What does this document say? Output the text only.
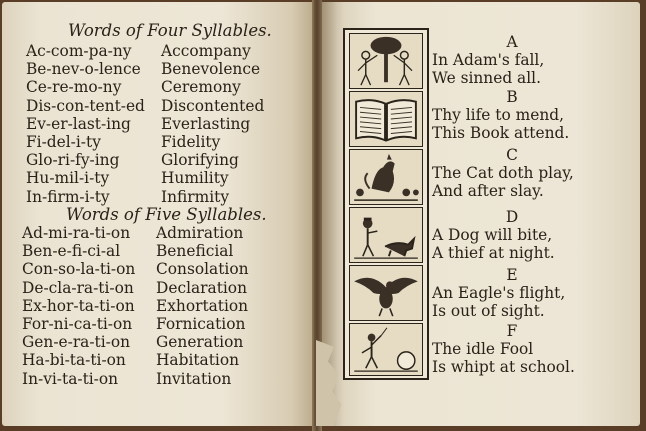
Words of Four Syllables.
Ac-com-pa-ny
Be-nev-o-lence
Ce-re-mo-ny
Dis-con-tent-ed
Ev-er-last-ing
Fi-del-i-ty
Glo-ri-fy-ing
Hu-mil-i-ty
In-firm-i-ty
Accompany
Benevolence
Ceremony
Discontented
Everlasting
Fidelity
Glorifying
Humility
Infirmity
Words of Five Syllables.
Ad-mi-ra-ti-on
Ben-e-fi-ci-al
Con-so-la-ti-on
De-cla-ra-ti-on
Ex-hor-ta-ti-on
For-ni-ca-ti-on
Gen-e-ra-ti-on
Ha-bi-ta-ti-on
In-vi-ta-ti-on
Admiration
Beneficial
Consolation
Declaration
Exhortation
Fornication
Generation
Habitation
Invitation
A
In Adam's fall,
We sinned all.
B
Thy life to mend,
This Book attend.
C
The Cat doth play,
And after slay.
D
A Dog will bite,
A thief at night.
E
An Eagle's flight,
Is out of sight.
F
The idle Fool
Is whipt at school.
